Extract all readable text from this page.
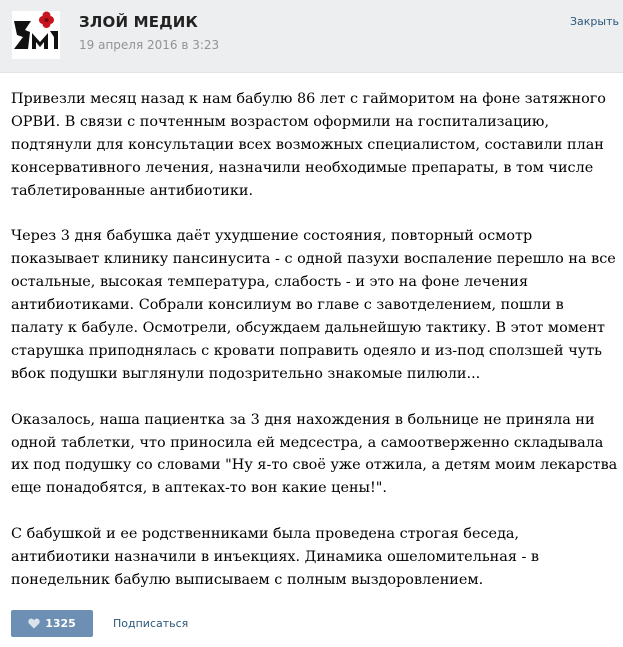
ЗЛОЙ МЕДИК
19 апреля 2016 в 3:23
Закрыть

Привезли месяц назад к нам бабулю 86 лет с гайморитом на фоне затяжного ОРВИ. В связи с почтенным возрастом оформили на госпитализацию, подтянули для консультации всех возможных специалистом, составили план консервативного лечения, назначили необходимые препараты, в том числе таблетированные антибиотики.

Через 3 дня бабушка даёт ухудшение состояния, повторный осмотр показывает клинику пансинусита - с одной пазухи воспаление перешло на все остальные, высокая температура, слабость - и это на фоне лечения антибиотиками. Собрали консилиум во главе с завотделением, пошли в палату к бабуле. Осмотрели, обсуждаем дальнейшую тактику. В этот момент старушка приподнялась с кровати поправить одеяло и из-под сползшей чуть вбок подушки выглянули подозрительно знакомые пилюли...

Оказалось, наша пациентка за 3 дня нахождения в больнице не приняла ни одной таблетки, что приносила ей медсестра, а самоотверженно складывала их под подушку со словами "Ну я-то своё уже отжила, а детям моим лекарства еще понадобятся, в аптеках-то вон какие цены!".

С бабушкой и ее родственниками была проведена строгая беседа, антибиотики назначили в инъекциях. Динамика ошеломительная - в понедельник бабулю выписываем с полным выздоровлением.

1325	Подписаться
